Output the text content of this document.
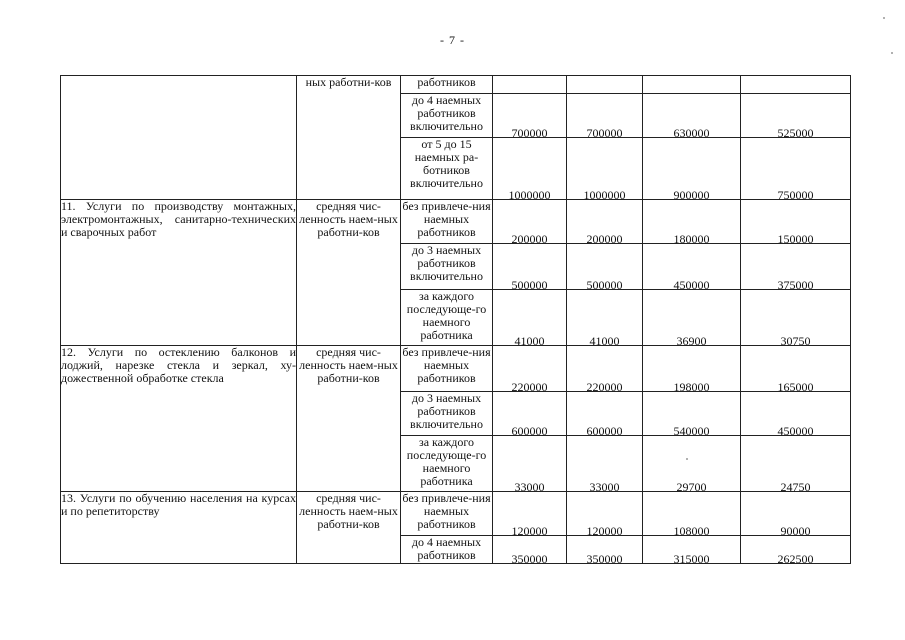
- 7 -
	ных работни-ков	работников				
		до 4 наемных работников включительно	700000	700000	630000	525000
		от 5 до 15 наемных ра-ботников включительно	1000000	1000000	900000	750000
11. Услуги по производству монтажных, электромонтажных, санитарно-технических и сварочных работ	средняя чис-ленность наем-ных работни-ков	без привлече-ния наемных работников	200000	200000	180000	150000
		до 3 наемных работников включительно	500000	500000	450000	375000
		за каждого последующе-го наемного работника	41000	41000	36900	30750
12. Услуги по остеклению балконов и лоджий, нарезке стекла и зеркал, ху-дожественной обработке стекла	средняя чис-ленность наем-ных работни-ков	без привлече-ния наемных работников	220000	220000	198000	165000
		до 3 наемных работников включительно	600000	600000	540000	450000
		за каждого последующе-го наемного работника	33000	33000	29700	24750
13. Услуги по обучению населения на курсах и по репетиторству	средняя чис-ленность наем-ных работни-ков	без привлече-ния наемных работников	120000	120000	108000	90000
		до 4 наемных работников	350000	350000	315000	262500
